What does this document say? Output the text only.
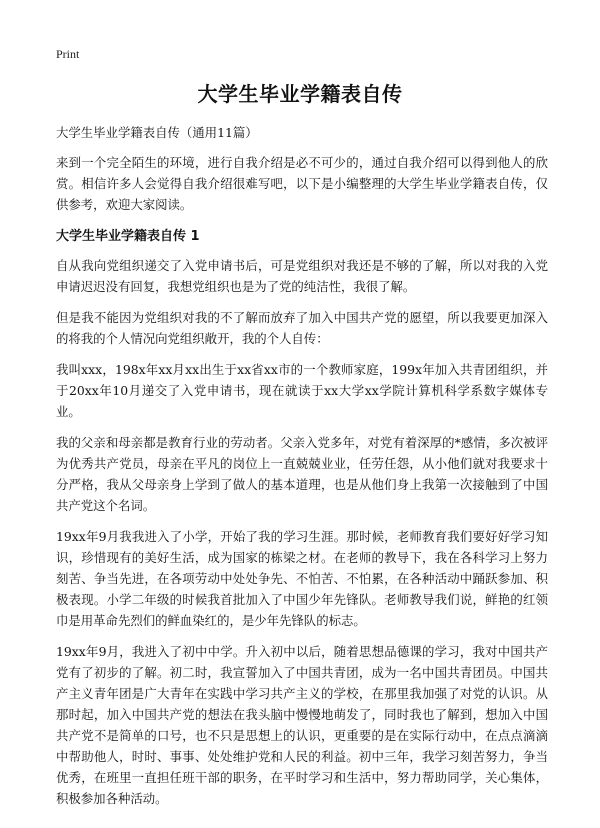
Print
大学生毕业学籍表自传

大学生毕业学籍表自传（通用11篇）

来到一个完全陌生的环境，进行自我介绍是必不可少的，通过自我介绍可以得到他人的欣赏。相信许多人会觉得自我介绍很难写吧，以下是小编整理的大学生毕业学籍表自传，仅供参考，欢迎大家阅读。

大学生毕业学籍表自传 1

自从我向党组织递交了入党申请书后，可是党组织对我还是不够的了解，所以对我的入党申请迟迟没有回复，我想党组织也是为了党的纯洁性，我很了解。

但是我不能因为党组织对我的不了解而放弃了加入中国共产党的愿望，所以我要更加深入的将我的个人情况向党组织敞开，我的个人自传：

我叫xxx，198x年xx月xx出生于xx省xx市的一个教师家庭，199x年加入共青团组织，并于20xx年10月递交了入党申请书，现在就读于xx大学xx学院计算机科学系数字媒体专业。

我的父亲和母亲都是教育行业的劳动者。父亲入党多年，对党有着深厚的*感情，多次被评为优秀共产党员，母亲在平凡的岗位上一直兢兢业业，任劳任怨，从小他们就对我要求十分严格，我从父母亲身上学到了做人的基本道理，也是从他们身上我第一次接触到了中国共产党这个名词。

19xx年9月我我进入了小学，开始了我的学习生涯。那时候，老师教育我们要好好学习知识，珍惜现有的美好生活，成为国家的栋梁之材。在老师的教导下，我在各科学习上努力刻苦、争当先进，在各项劳动中处处争先、不怕苦、不怕累，在各种活动中踊跃参加、积极表现。小学二年级的时候我首批加入了中国少年先锋队。老师教导我们说，鲜艳的红领巾是用革命先烈们的鲜血染红的，是少年先锋队的标志。

19xx年9月，我进入了初中中学。升入初中以后，随着思想品德课的学习，我对中国共产党有了初步的了解。初二时，我宣誓加入了中国共青团，成为一名中国共青团员。中国共产主义青年团是广大青年在实践中学习共产主义的学校，在那里我加强了对党的认识。从那时起，加入中国共产党的想法在我头脑中慢慢地萌发了，同时我也了解到，想加入中国共产党不是简单的口号，也不只是思想上的认识，更重要的是在实际行动中，在点点滴滴中帮助他人，时时、事事、处处维护党和人民的利益。初中三年，我学习刻苦努力，争当优秀，在班里一直担任班干部的职务，在平时学习和生活中，努力帮助同学，关心集体，积极参加各种活动。
